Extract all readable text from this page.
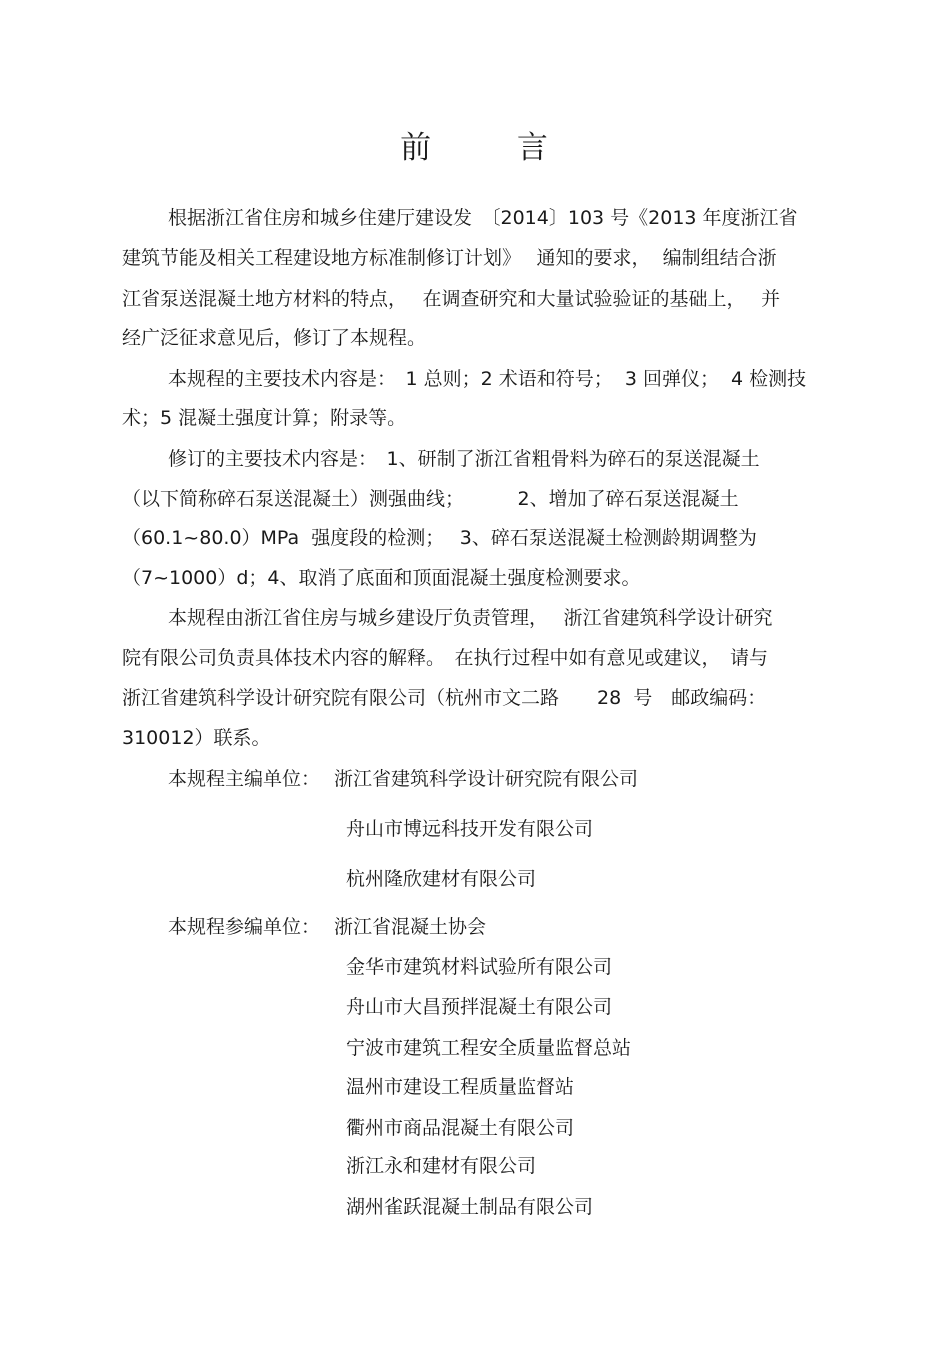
前	言
根据浙江省住房和城乡住建厅建设发　〔2014〕103 号《2013 年度浙江省
建筑节能及相关工程建设地方标准制修订计划》　 通知的要求，  编制组结合浙
江省泵送混凝土地方材料的特点，　 在调查研究和大量试验验证的基础上，　 并
经广泛征求意见后，修订了本规程。
本规程的主要技术内容是：　1 总则；2 术语和符号；  3 回弹仪；  4 检测技
术；5 混凝土强度计算；附录等。
修订的主要技术内容是：　1、研制了浙江省粗骨料为碎石的泵送混凝土
（以下简称碎石泵送混凝土）测强曲线；　　　 2、增加了碎石泵送混凝土
（60.1~80.0）MPa  强度段的检测；　 3、碎石泵送混凝土检测龄期调整为
（7~1000）d；4、取消了底面和顶面混凝土强度检测要求。
本规程由浙江省住房与城乡建设厅负责管理，　 浙江省建筑科学设计研究
院有限公司负责具体技术内容的解释。　在执行过程中如有意见或建议，　请与
浙江省建筑科学设计研究院有限公司（杭州市文二路　　28  号　邮政编码：
310012）联系。
本规程主编单位： 浙江省建筑科学设计研究院有限公司
舟山市博远科技开发有限公司
杭州隆欣建材有限公司
本规程参编单位： 浙江省混凝土协会
金华市建筑材料试验所有限公司
舟山市大昌预拌混凝土有限公司
宁波市建筑工程安全质量监督总站
温州市建设工程质量监督站
衢州市商品混凝土有限公司
浙江永和建材有限公司
湖州雀跃混凝土制品有限公司
